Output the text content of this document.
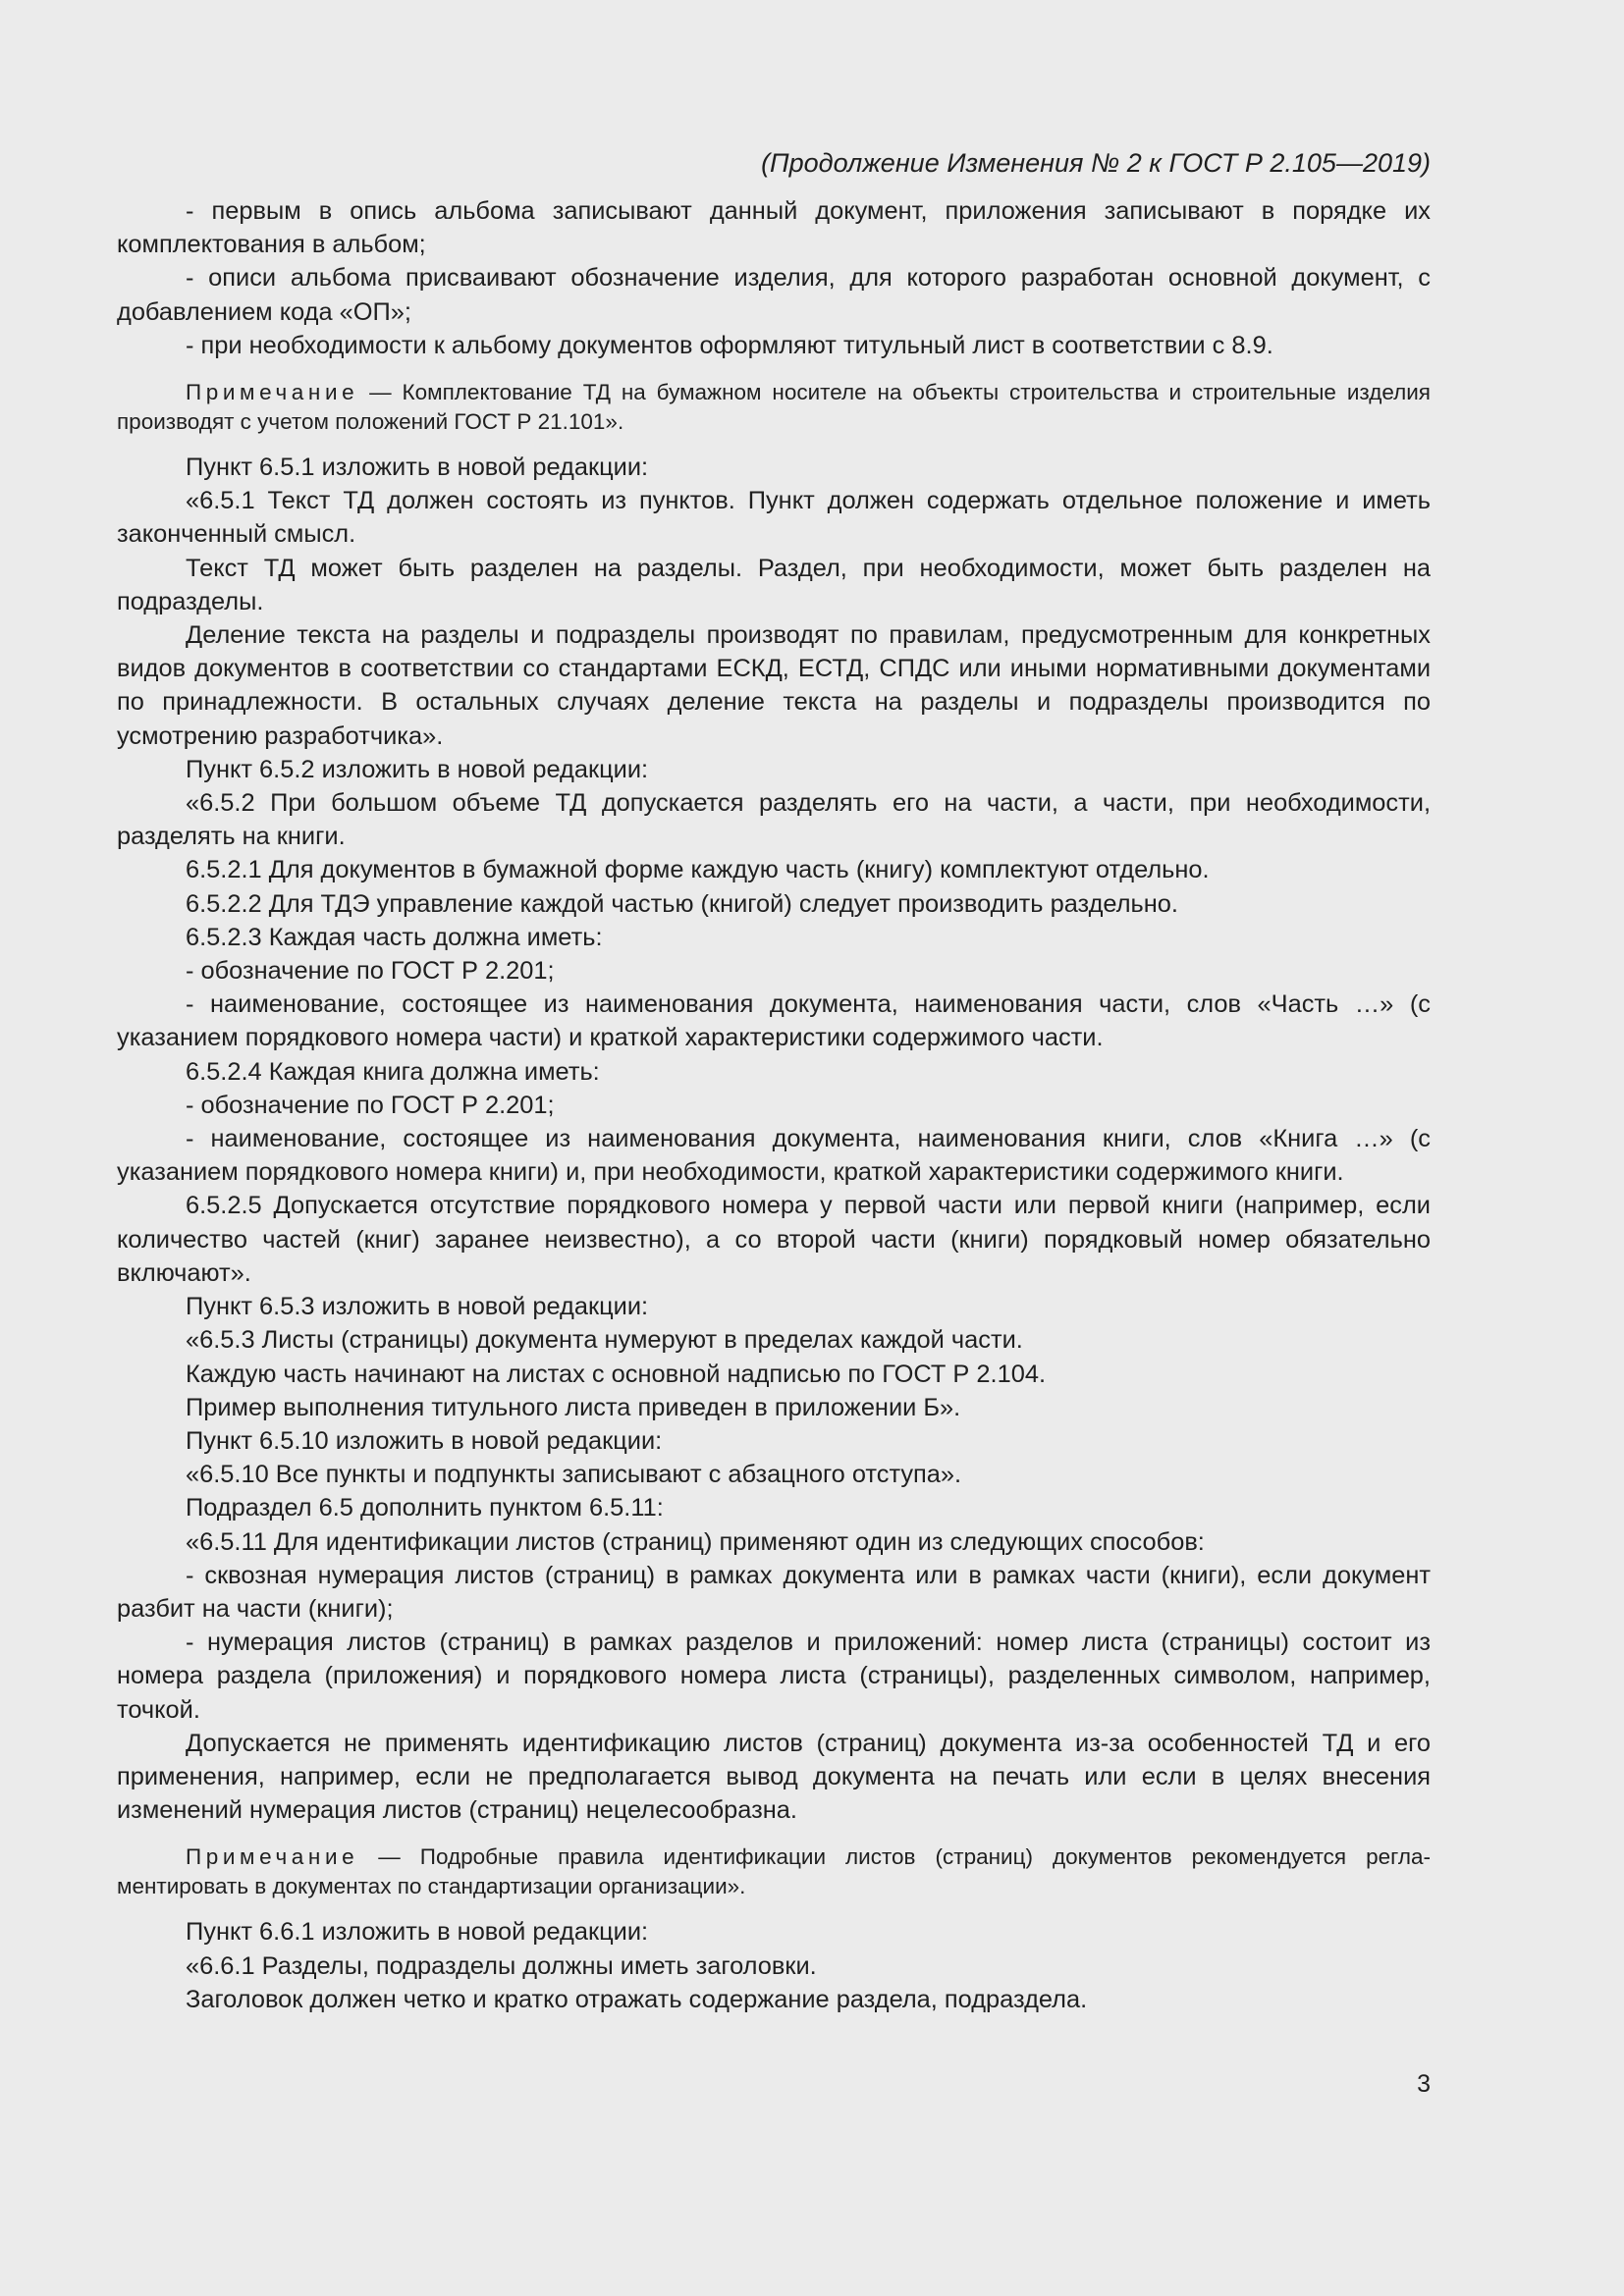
(Продолжение Изменения № 2 к ГОСТ Р 2.105—2019)

- первым в опись альбома записывают данный документ, приложения записывают в порядке их комплектования в альбом;

- описи альбома присваивают обозначение изделия, для которого разработан основной документ, с добавлением кода «ОП»;

- при необходимости к альбому документов оформляют титульный лист в соответствии с 8.9.

Примечание — Комплектование ТД на бумажном носителе на объекты строительства и строительные изделия производят с учетом положений ГОСТ Р 21.101».

Пункт 6.5.1 изложить в новой редакции:

«6.5.1 Текст ТД должен состоять из пунктов. Пункт должен содержать отдельное положение и иметь законченный смысл.

Текст ТД может быть разделен на разделы. Раздел, при необходимости, может быть разделен на подразделы.

Деление текста на разделы и подразделы производят по правилам, предусмотренным для конкретных видов документов в соответствии со стандартами ЕСКД, ЕСТД, СПДС или иными нормативными документами по принадлежности. В остальных случаях деление текста на разделы и подразделы производится по усмотрению разработчика».

Пункт 6.5.2 изложить в новой редакции:

«6.5.2 При большом объеме ТД допускается разделять его на части, а части, при необходимости, разделять на книги.

6.5.2.1 Для документов в бумажной форме каждую часть (книгу) комплектуют отдельно.

6.5.2.2 Для ТДЭ управление каждой частью (книгой) следует производить раздельно.

6.5.2.3 Каждая часть должна иметь:

- обозначение по ГОСТ Р 2.201;

- наименование, состоящее из наименования документа, наименования части, слов «Часть …» (с указанием порядкового номера части) и краткой характеристики содержимого части.

6.5.2.4 Каждая книга должна иметь:

- обозначение по ГОСТ Р 2.201;

- наименование, состоящее из наименования документа, наименования книги, слов «Книга …» (с указанием порядкового номера книги) и, при необходимости, краткой характеристики содержимого книги.

6.5.2.5 Допускается отсутствие порядкового номера у первой части или первой книги (например, если количество частей (книг) заранее неизвестно), а со второй части (книги) порядковый номер обязательно включают».

Пункт 6.5.3 изложить в новой редакции:

«6.5.3 Листы (страницы) документа нумеруют в пределах каждой части.

Каждую часть начинают на листах с основной надписью по ГОСТ Р 2.104.

Пример выполнения титульного листа приведен в приложении Б».

Пункт 6.5.10 изложить в новой редакции:

«6.5.10 Все пункты и подпункты записывают с абзацного отступа».

Подраздел 6.5 дополнить пунктом 6.5.11:

«6.5.11 Для идентификации листов (страниц) применяют один из следующих способов:

- сквозная нумерация листов (страниц) в рамках документа или в рамках части (книги), если документ разбит на части (книги);

- нумерация листов (страниц) в рамках разделов и приложений: номер листа (страницы) состоит из номера раздела (приложения) и порядкового номера листа (страницы), разделенных символом, например, точкой.

Допускается не применять идентификацию листов (страниц) документа из-за особенностей ТД и его применения, например, если не предполагается вывод документа на печать или если в целях внесения изменений нумерация листов (страниц) нецелесообразна.

Примечание — Подробные правила идентификации листов (страниц) документов рекомендуется регламентировать в документах по стандартизации организации».

Пункт 6.6.1 изложить в новой редакции:

«6.6.1 Разделы, подразделы должны иметь заголовки.

Заголовок должен четко и кратко отражать содержание раздела, подраздела.

3
